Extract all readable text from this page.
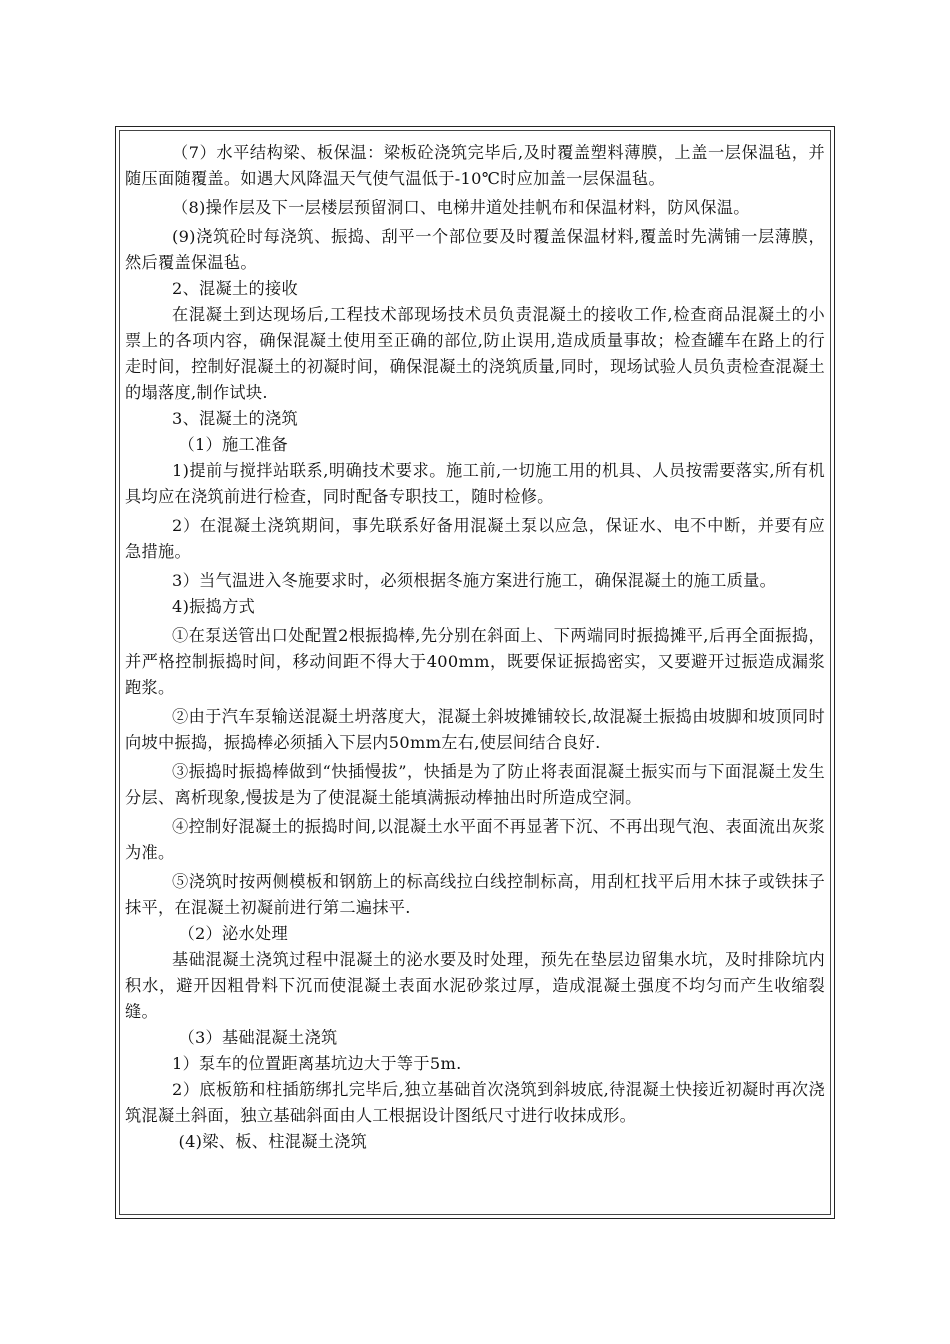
（7）水平结构梁、板保温：梁板砼浇筑完毕后,及时覆盖塑料薄膜，上盖一层保温毡，并随压面随覆盖。如遇大风降温天气使气温低于-10℃时应加盖一层保温毡。

（8)操作层及下一层楼层预留洞口、电梯井道处挂帆布和保温材料，防风保温。

(9)浇筑砼时每浇筑、振捣、刮平一个部位要及时覆盖保温材料,覆盖时先满铺一层薄膜，然后覆盖保温毡。

2、混凝土的接收

在混凝土到达现场后,工程技术部现场技术员负责混凝土的接收工作,检查商品混凝土的小票上的各项内容，确保混凝土使用至正确的部位,防止误用,造成质量事故；检查罐车在路上的行走时间，控制好混凝土的初凝时间，确保混凝土的浇筑质量,同时，现场试验人员负责检查混凝土的塌落度,制作试块.

3、混凝土的浇筑

（1）施工准备

1)提前与搅拌站联系,明确技术要求。施工前,一切施工用的机具、人员按需要落实,所有机具均应在浇筑前进行检查，同时配备专职技工，随时检修。

2）在混凝土浇筑期间，事先联系好备用混凝土泵以应急，保证水、电不中断，并要有应急措施。

3）当气温进入冬施要求时，必须根据冬施方案进行施工，确保混凝土的施工质量。

4)振捣方式

①在泵送管出口处配置2根振捣棒,先分别在斜面上、下两端同时振捣摊平,后再全面振捣，并严格控制振捣时间，移动间距不得大于400mm，既要保证振捣密实，又要避开过振造成漏浆跑浆。

②由于汽车泵输送混凝土坍落度大，混凝土斜坡摊铺较长,故混凝土振捣由坡脚和坡顶同时向坡中振捣，振捣棒必须插入下层内50mm左右,使层间结合良好.

③振捣时振捣棒做到“快插慢拔”，快插是为了防止将表面混凝土振实而与下面混凝土发生分层、离析现象,慢拔是为了使混凝土能填满振动棒抽出时所造成空洞。

④控制好混凝土的振捣时间,以混凝土水平面不再显著下沉、不再出现气泡、表面流出灰浆为准。

⑤浇筑时按两侧模板和钢筋上的标高线拉白线控制标高，用刮杠找平后用木抹子或铁抹子抹平，在混凝土初凝前进行第二遍抹平.

（2）泌水处理

基础混凝土浇筑过程中混凝土的泌水要及时处理，预先在垫层边留集水坑，及时排除坑内积水，避开因粗骨料下沉而使混凝土表面水泥砂浆过厚，造成混凝土强度不均匀而产生收缩裂缝。

（3）基础混凝土浇筑

1）泵车的位置距离基坑边大于等于5m.

2）底板筋和柱插筋绑扎完毕后,独立基础首次浇筑到斜坡底,待混凝土快接近初凝时再次浇筑混凝土斜面，独立基础斜面由人工根据设计图纸尺寸进行收抹成形。

(4)梁、板、柱混凝土浇筑
